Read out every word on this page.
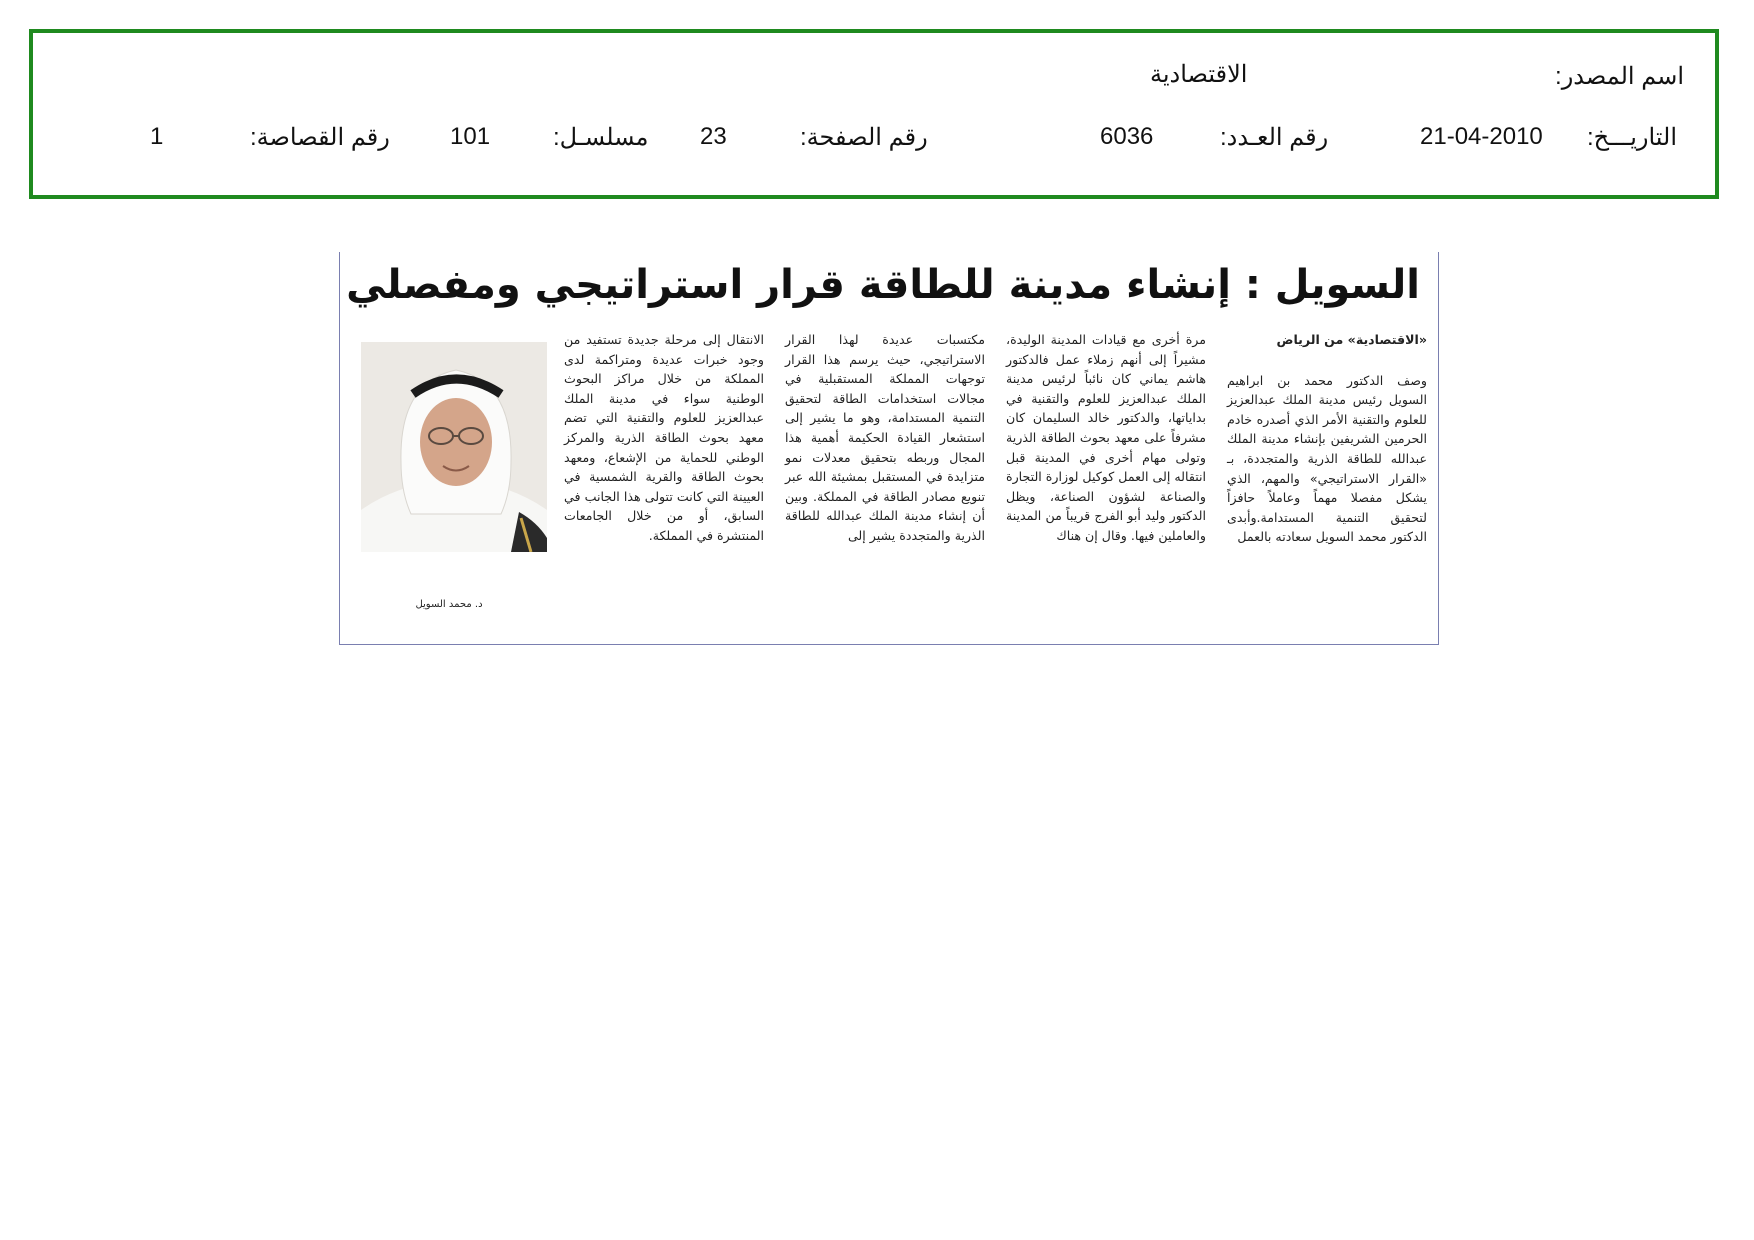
اسم المصدر:
الاقتصادية
التاريـــخ:
21-04-2010
رقم العـدد:
6036
رقم الصفحة:
23
مسلسـل:
101
رقم القصاصة:
1
السويل : إنشاء مدينة للطاقة قرار استراتيجي ومفصلي

«الاقتصادية» من الرياض

وصف الدكتور محمد بن ابراهيم السويل رئيس مدينة الملك عبدالعزيز للعلوم والتقنية الأمر الذي أصدره خادم الحرمين الشريفين بإنشاء مدينة الملك عبدالله للطاقة الذرية والمتجددة، بـ «القرار الاستراتيجي» والمهم، الذي يشكل مفصلا مهماً وعاملاً حافزاً لتحقيق التنمية المستدامة.وأبدى الدكتور محمد السويل سعادته بالعمل

مرة أخرى مع قيادات المدينة الوليدة، مشيراً إلى أنهم زملاء عمل فالدكتور هاشم يماني كان نائباً لرئيس مدينة الملك عبدالعزيز للعلوم والتقنية في بداياتها، والدكتور خالد السليمان كان مشرفاً على معهد بحوث الطاقة الذرية وتولى مهام أخرى في المدينة قبل انتقاله إلى العمل كوكيل لوزارة التجارة والصناعة لشؤون الصناعة، ويظل الدكتور وليد أبو الفرج قريباً من المدينة والعاملين فيها. وقال إن هناك

مكتسبات عديدة لهذا القرار الاستراتيجي، حيث يرسم هذا القرار توجهات المملكة المستقبلية في مجالات استخدامات الطاقة لتحقيق التنمية المستدامة، وهو ما يشير إلى استشعار القيادة الحكيمة أهمية هذا المجال وربطه بتحقيق معدلات نمو متزايدة في المستقبل بمشيئة الله عبر تنويع مصادر الطاقة في المملكة. وبين أن إنشاء مدينة الملك عبدالله للطاقة الذرية والمتجددة يشير إلى

الانتقال إلى مرحلة جديدة تستفيد من وجود خبرات عديدة ومتراكمة لدى المملكة من خلال مراكز البحوث الوطنية سواء في مدينة الملك عبدالعزيز للعلوم والتقنية التي تضم معهد بحوث الطاقة الذرية والمركز الوطني للحماية من الإشعاع، ومعهد بحوث الطاقة والقرية الشمسية في العيينة التي كانت تتولى هذا الجانب في السابق، أو من خلال الجامعات المنتشرة في المملكة.

د. محمد السويل
